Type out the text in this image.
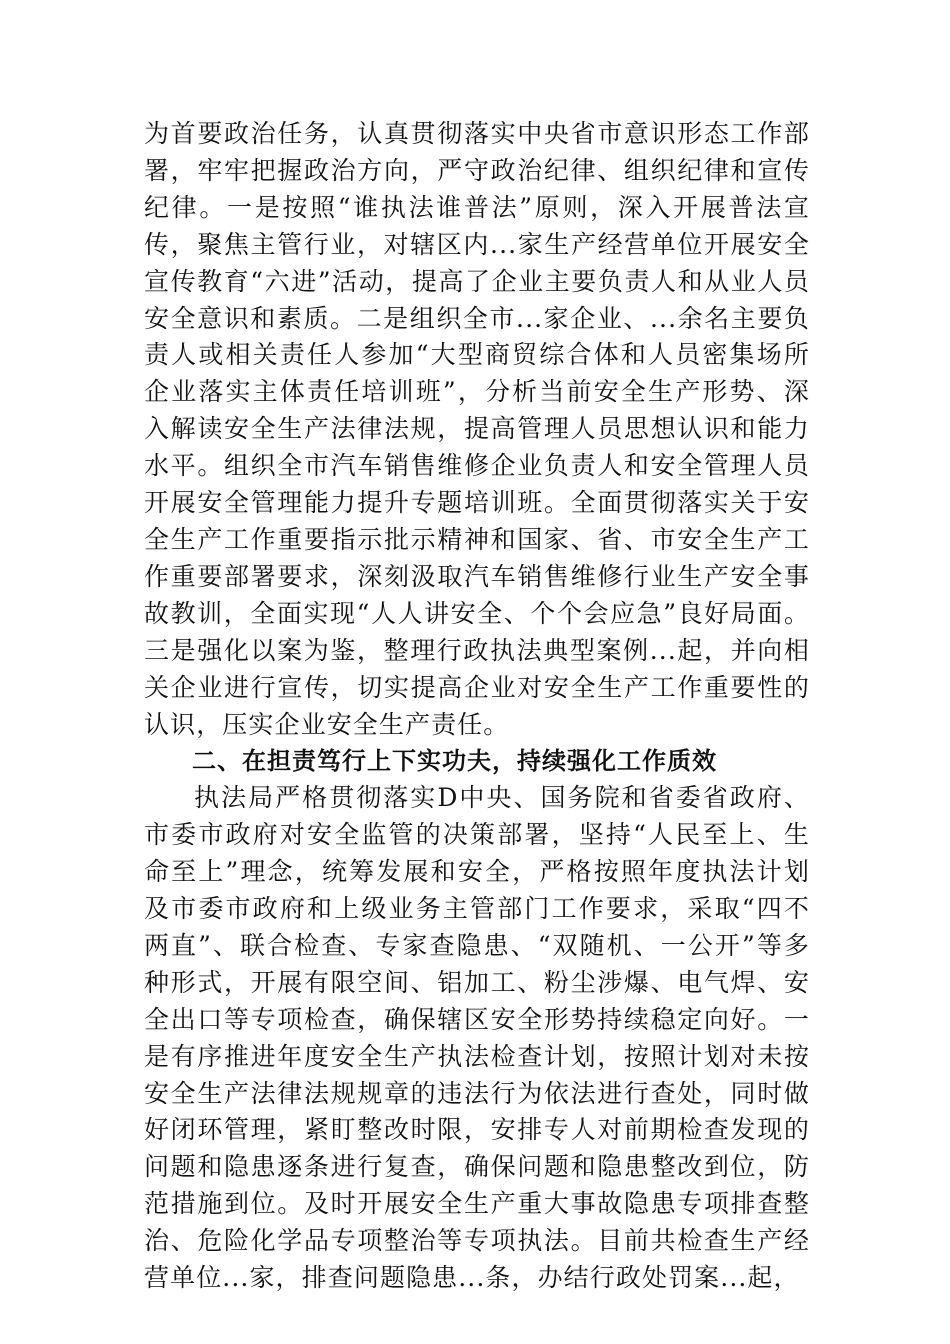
为首要政治任务，认真贯彻落实中央省市意识形态工作部署，牢牢把握政治方向，严守政治纪律、组织纪律和宣传纪律。一是按照“谁执法谁普法”原则，深入开展普法宣传，聚焦主管行业，对辖区内...家生产经营单位开展安全宣传教育“六进”活动，提高了企业主要负责人和从业人员安全意识和素质。二是组织全市...家企业、...余名主要负责人或相关责任人参加“大型商贸综合体和人员密集场所企业落实主体责任培训班”，分析当前安全生产形势、深入解读安全生产法律法规，提高管理人员思想认识和能力水平。组织全市汽车销售维修企业负责人和安全管理人员开展安全管理能力提升专题培训班。全面贯彻落实关于安全生产工作重要指示批示精神和国家、省、市安全生产工作重要部署要求，深刻汲取汽车销售维修行业生产安全事故教训，全面实现“人人讲安全、个个会应急”良好局面。三是强化以案为鉴，整理行政执法典型案例...起，并向相关企业进行宣传，切实提高企业对安全生产工作重要性的认识，压实企业安全生产责任。

二、在担责笃行上下实功夫，持续强化工作质效

执法局严格贯彻落实D中央、国务院和省委省政府、市委市政府对安全监管的决策部署，坚持“人民至上、生命至上”理念，统筹发展和安全，严格按照年度执法计划及市委市政府和上级业务主管部门工作要求，采取“四不两直”、联合检查、专家查隐患、“双随机、一公开”等多种形式，开展有限空间、铝加工、粉尘涉爆、电气焊、安全出口等专项检查，确保辖区安全形势持续稳定向好。一是有序推进年度安全生产执法检查计划，按照计划对未按安全生产法律法规规章的违法行为依法进行查处，同时做好闭环管理，紧盯整改时限，安排专人对前期检查发现的问题和隐患逐条进行复查，确保问题和隐患整改到位，防范措施到位。及时开展安全生产重大事故隐患专项排查整治、危险化学品专项整治等专项执法。目前共检查生产经营单位...家，排查问题隐患...条，办结行政处罚案...起，
